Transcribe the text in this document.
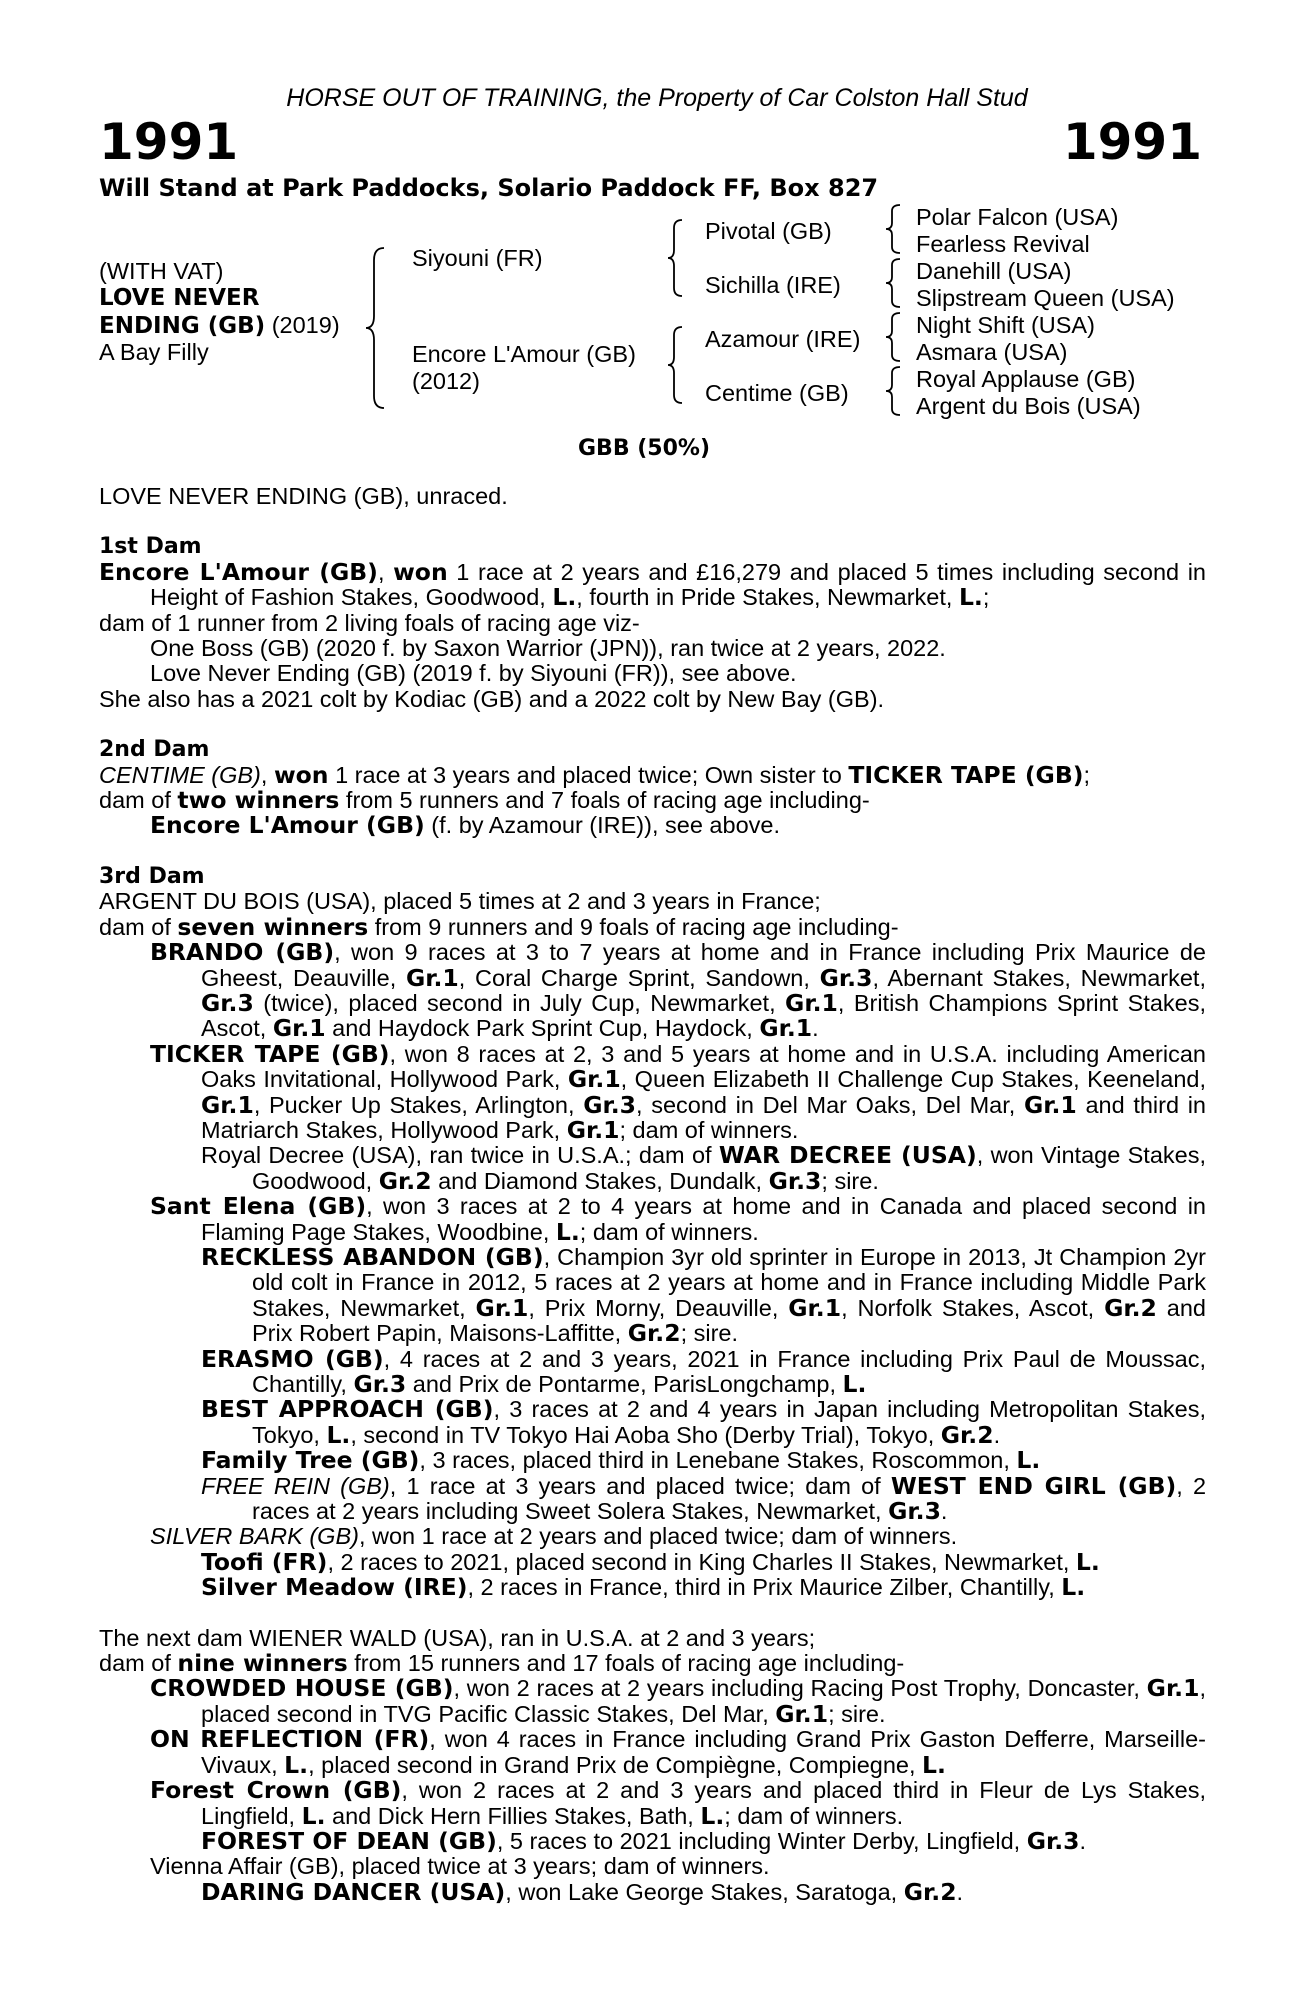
HORSE OUT OF TRAINING, the Property of Car Colston Hall Stud
1991	1991
Will Stand at Park Paddocks, Solario Paddock FF, Box 827
(WITH VAT)
LOVE NEVER
ENDING (GB) (2019)
A Bay Filly
Siyouni (FR)
Encore L'Amour (GB)
(2012)
Pivotal (GB)
Sichilla (IRE)
Azamour (IRE)
Centime (GB)
Polar Falcon (USA)
Fearless Revival
Danehill (USA)
Slipstream Queen (USA)
Night Shift (USA)
Asmara (USA)
Royal Applause (GB)
Argent du Bois (USA)
GBB (50%)

LOVE NEVER ENDING (GB), unraced.

1st Dam

Encore L'Amour (GB), won 1 race at 2 years and £16,279 and placed 5 times including second in Height of Fashion Stakes, Goodwood, L., fourth in Pride Stakes, Newmarket, L.;

dam of 1 runner from 2 living foals of racing age viz-

One Boss (GB) (2020 f. by Saxon Warrior (JPN)), ran twice at 2 years, 2022.

Love Never Ending (GB) (2019 f. by Siyouni (FR)), see above.

She also has a 2021 colt by Kodiac (GB) and a 2022 colt by New Bay (GB).

2nd Dam

CENTIME (GB), won 1 race at 3 years and placed twice; Own sister to TICKER TAPE (GB);

dam of two winners from 5 runners and 7 foals of racing age including-

Encore L'Amour (GB) (f. by Azamour (IRE)), see above.

3rd Dam

ARGENT DU BOIS (USA), placed 5 times at 2 and 3 years in France;

dam of seven winners from 9 runners and 9 foals of racing age including-

BRANDO (GB), won 9 races at 3 to 7 years at home and in France including Prix Maurice de Gheest, Deauville, Gr.1, Coral Charge Sprint, Sandown, Gr.3, Abernant Stakes, Newmarket, Gr.3 (twice), placed second in July Cup, Newmarket, Gr.1, British Champions Sprint Stakes, Ascot, Gr.1 and Haydock Park Sprint Cup, Haydock, Gr.1.

TICKER TAPE (GB), won 8 races at 2, 3 and 5 years at home and in U.S.A. including American Oaks Invitational, Hollywood Park, Gr.1, Queen Elizabeth II Challenge Cup Stakes, Keeneland, Gr.1, Pucker Up Stakes, Arlington, Gr.3, second in Del Mar Oaks, Del Mar, Gr.1 and third in Matriarch Stakes, Hollywood Park, Gr.1; dam of winners.

Royal Decree (USA), ran twice in U.S.A.; dam of WAR DECREE (USA), won Vintage Stakes, Goodwood, Gr.2 and Diamond Stakes, Dundalk, Gr.3; sire.

Sant Elena (GB), won 3 races at 2 to 4 years at home and in Canada and placed second in Flaming Page Stakes, Woodbine, L.; dam of winners.

RECKLESS ABANDON (GB), Champion 3yr old sprinter in Europe in 2013, Jt Champion 2yr old colt in France in 2012, 5 races at 2 years at home and in France including Middle Park Stakes, Newmarket, Gr.1, Prix Morny, Deauville, Gr.1, Norfolk Stakes, Ascot, Gr.2 and Prix Robert Papin, Maisons-Laffitte, Gr.2; sire.

ERASMO (GB), 4 races at 2 and 3 years, 2021 in France including Prix Paul de Moussac, Chantilly, Gr.3 and Prix de Pontarme, ParisLongchamp, L.

BEST APPROACH (GB), 3 races at 2 and 4 years in Japan including Metropolitan Stakes, Tokyo, L., second in TV Tokyo Hai Aoba Sho (Derby Trial), Tokyo, Gr.2.

Family Tree (GB), 3 races, placed third in Lenebane Stakes, Roscommon, L.

FREE REIN (GB), 1 race at 3 years and placed twice; dam of WEST END GIRL (GB), 2 races at 2 years including Sweet Solera Stakes, Newmarket, Gr.3.

SILVER BARK (GB), won 1 race at 2 years and placed twice; dam of winners.

Toofi (FR), 2 races to 2021, placed second in King Charles II Stakes, Newmarket, L.

Silver Meadow (IRE), 2 races in France, third in Prix Maurice Zilber, Chantilly, L.

The next dam WIENER WALD (USA), ran in U.S.A. at 2 and 3 years;

dam of nine winners from 15 runners and 17 foals of racing age including-

CROWDED HOUSE (GB), won 2 races at 2 years including Racing Post Trophy, Doncaster, Gr.1, placed second in TVG Pacific Classic Stakes, Del Mar, Gr.1; sire.

ON REFLECTION (FR), won 4 races in France including Grand Prix Gaston Defferre, Marseille-Vivaux, L., placed second in Grand Prix de Compiègne, Compiegne, L.

Forest Crown (GB), won 2 races at 2 and 3 years and placed third in Fleur de Lys Stakes, Lingfield, L. and Dick Hern Fillies Stakes, Bath, L.; dam of winners.

FOREST OF DEAN (GB), 5 races to 2021 including Winter Derby, Lingfield, Gr.3.

Vienna Affair (GB), placed twice at 3 years; dam of winners.

DARING DANCER (USA), won Lake George Stakes, Saratoga, Gr.2.
